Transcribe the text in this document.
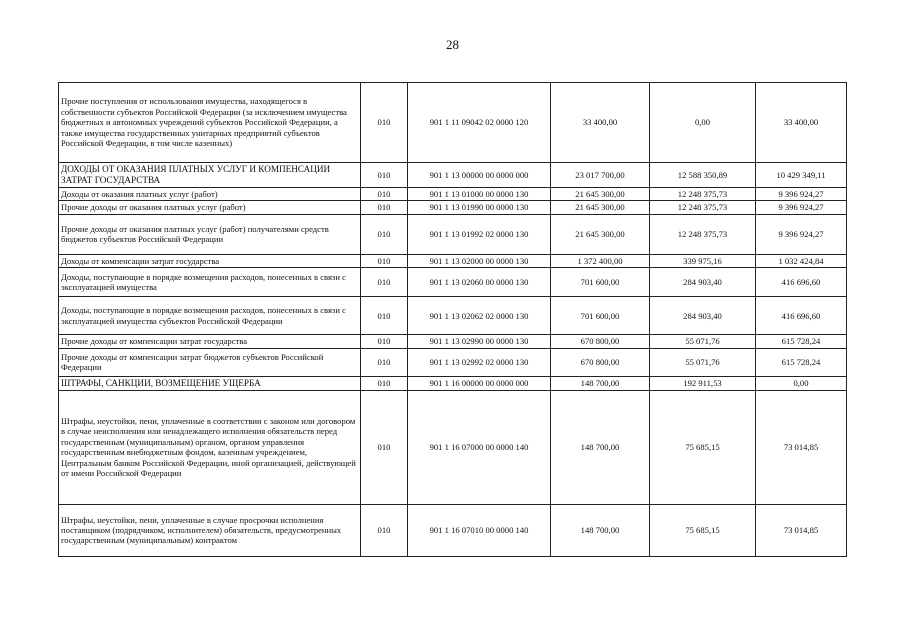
28
Прочие поступления от использования имущества, находящегося в собственности субъектов Российской Федерации (за исключением имущества бюджетных и автономных учреждений субъектов Российской Федерации, а также имущества государственных унитарных предприятий субъектов Российской Федерации, в том числе казенных)	010	901 1 11 09042 02 0000 120	33 400,00	0,00	33 400,00
ДОХОДЫ ОТ ОКАЗАНИЯ ПЛАТНЫХ УСЛУГ И КОМПЕНСАЦИИ ЗАТРАТ ГОСУДАРСТВА	010	901 1 13 00000 00 0000 000	23 017 700,00	12 588 350,89	10 429 349,11
Доходы от оказания платных услуг (работ)	010	901 1 13 01000 00 0000 130	21 645 300,00	12 248 375,73	9 396 924,27
Прочие доходы от оказания платных услуг (работ)	010	901 1 13 01990 00 0000 130	21 645 300,00	12 248 375,73	9 396 924,27
Прочие доходы от оказания платных услуг (работ) получателями средств бюджетов субъектов Российской Федерации	010	901 1 13 01992 02 0000 130	21 645 300,00	12 248 375,73	9 396 924,27
Доходы от компенсации затрат государства	010	901 1 13 02000 00 0000 130	1 372 400,00	339 975,16	1 032 424,84
Доходы, поступающие в порядке возмещения расходов, понесенных в связи с эксплуатацией имущества	010	901 1 13 02060 00 0000 130	701 600,00	284 903,40	416 696,60
Доходы, поступающие в порядке возмещения расходов, понесенных в связи с эксплуатацией имущества субъектов Российской Федерации	010	901 1 13 02062 02 0000 130	701 600,00	284 903,40	416 696,60
Прочие доходы от компенсации затрат государства	010	901 1 13 02990 00 0000 130	670 800,00	55 071,76	615 728,24
Прочие доходы от компенсации затрат бюджетов субъектов Российской Федерации	010	901 1 13 02992 02 0000 130	670 800,00	55 071,76	615 728,24
ШТРАФЫ, САНКЦИИ, ВОЗМЕЩЕНИЕ УЩЕРБА	010	901 1 16 00000 00 0000 000	148 700,00	192 911,53	0,00
Штрафы, неустойки, пени, уплаченные в соответствии с законом или договором в случае неисполнения или ненадлежащего исполнения обязательств перед государственным (муниципальным) органом, органом управления государственным внебюджетным фондом, казенным учреждением, Центральным банком Российской Федерации, иной организацией, действующей от имени Российской Федерации	010	901 1 16 07000 00 0000 140	148 700,00	75 685,15	73 014,85
Штрафы, неустойки, пени, уплаченные в случае просрочки исполнения поставщиком (подрядчиком, исполнителем) обязательств, предусмотренных государственным (муниципальным) контрактом	010	901 1 16 07010 00 0000 140	148 700,00	75 685,15	73 014,85
